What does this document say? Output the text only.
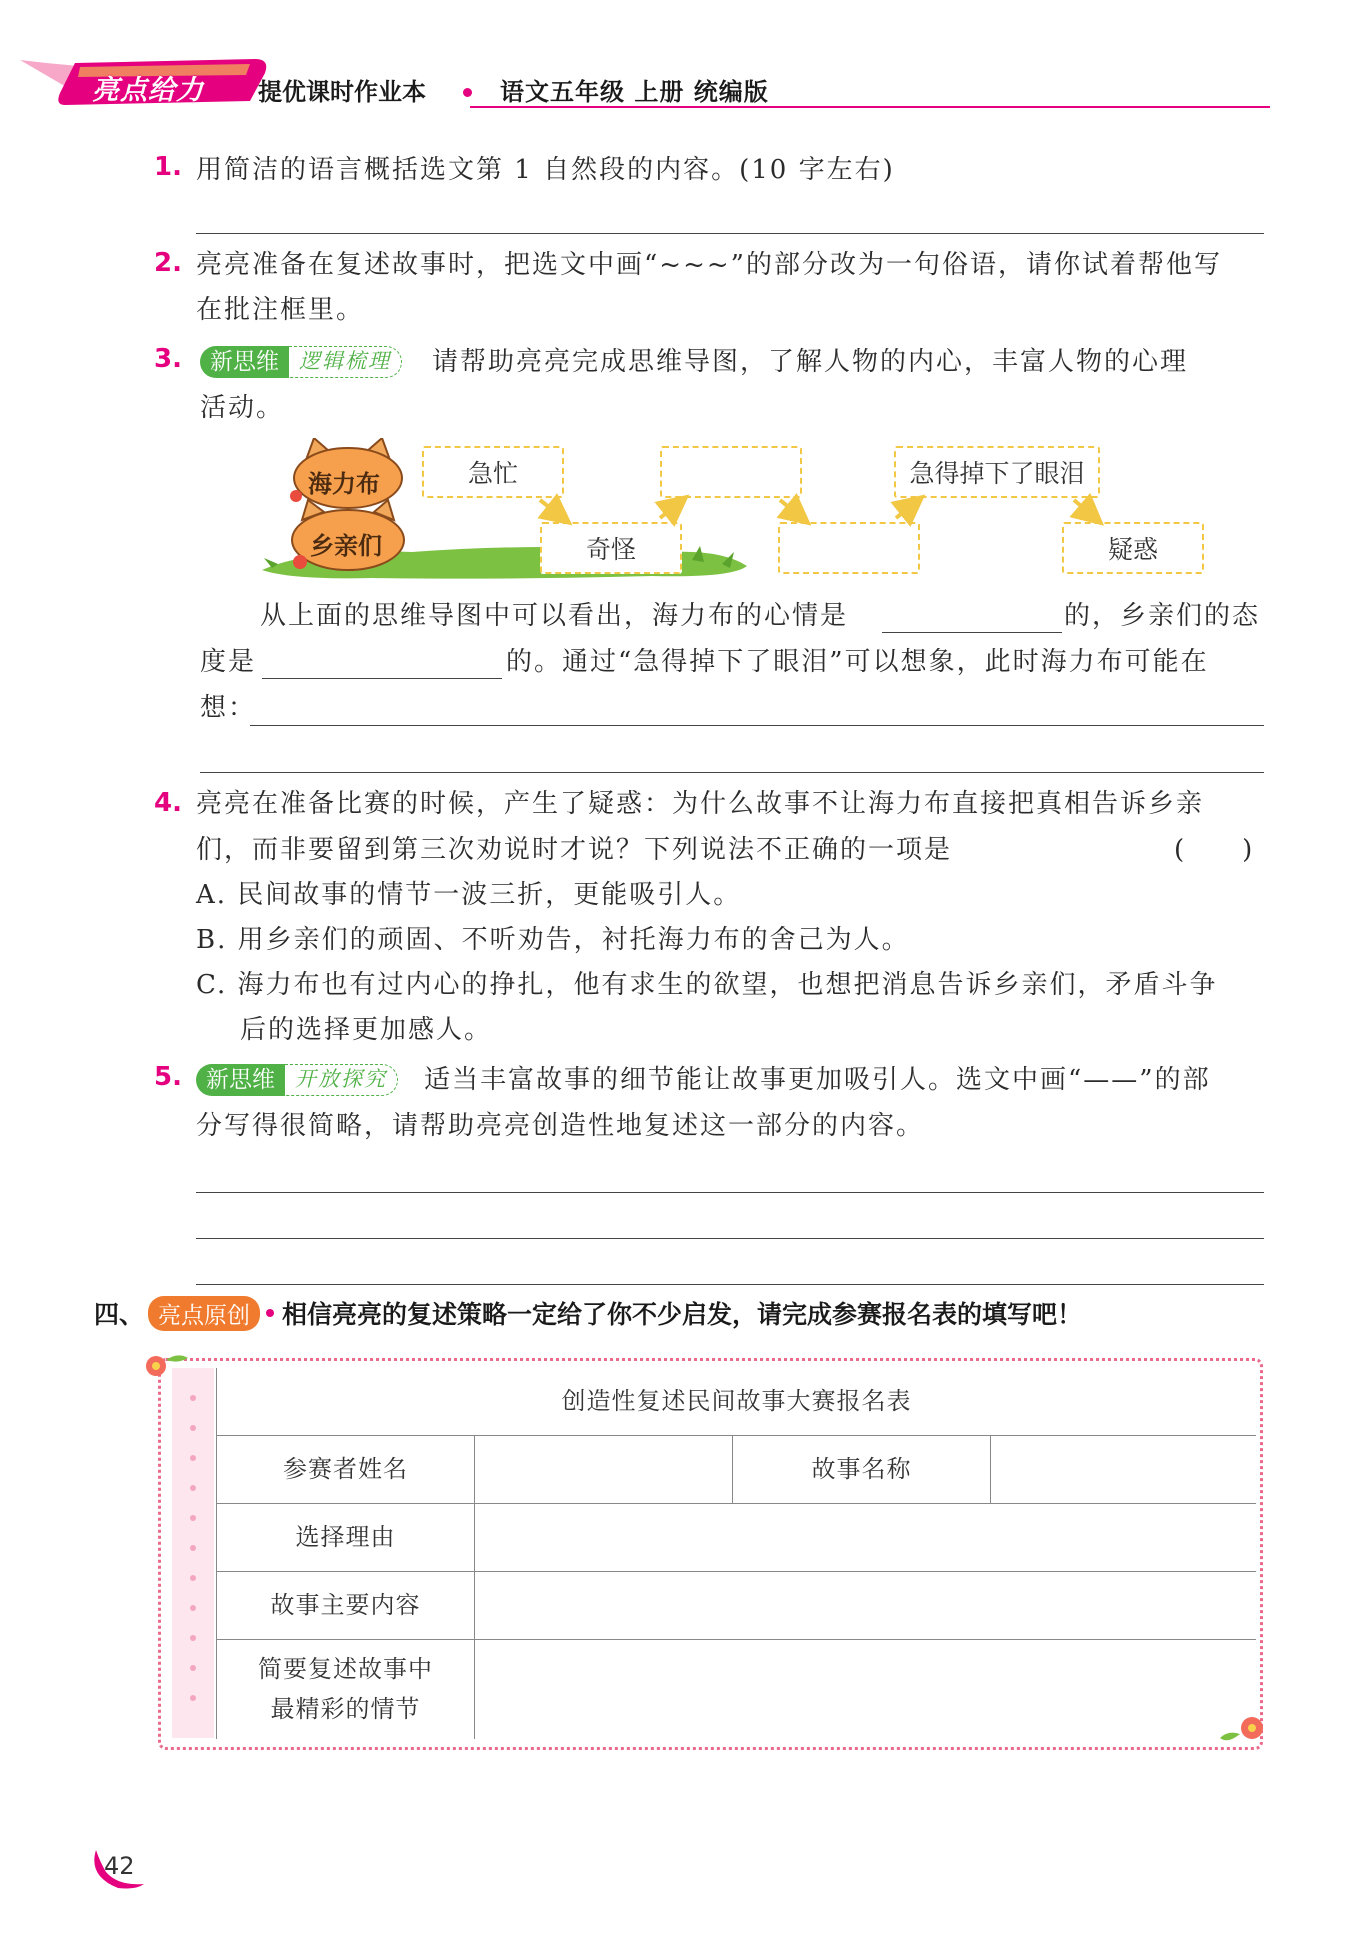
亮点给力 提优课时作业本	语文五年级 上册 统编版
1. 用简洁的语言概括选文第 1 自然段的内容。(10 字左右)
2. 亮亮准备在复述故事时，把选文中画“~~~”的部分改为一句俗语，请你试着帮他写
在批注框里。
3.	新思维 逻辑梳理	请帮助亮亮完成思维导图，了解人物的内心，丰富人物的心理
活动。
海力布
乡亲们
急忙	急得掉下了眼泪
奇怪	疑惑
从上面的思维导图中可以看出，海力布的心情是	的，乡亲们的态
度是	的。通过“急得掉下了眼泪”可以想象，此时海力布可能在
想：
4. 亮亮在准备比赛的时候，产生了疑惑：为什么故事不让海力布直接把真相告诉乡亲
们，而非要留到第三次劝说时才说？下列说法不正确的一项是	(　　)
A. 民间故事的情节一波三折，更能吸引人。
B. 用乡亲们的顽固、不听劝告，衬托海力布的舍己为人。
C. 海力布也有过内心的挣扎，他有求生的欲望，也想把消息告诉乡亲们，矛盾斗争
后的选择更加感人。
5.	新思维 开放探究	适当丰富故事的细节能让故事更加吸引人。选文中画“——”的部
分写得很简略，请帮助亮亮创造性地复述这一部分的内容。
四、 亮点原创	相信亮亮的复述策略一定给了你不少启发，请完成参赛报名表的填写吧！
创造性复述民间故事大赛报名表			
参赛者姓名		故事名称	
选择理由			
故事主要内容			

简要复述故事中
最精彩的情节			

42
